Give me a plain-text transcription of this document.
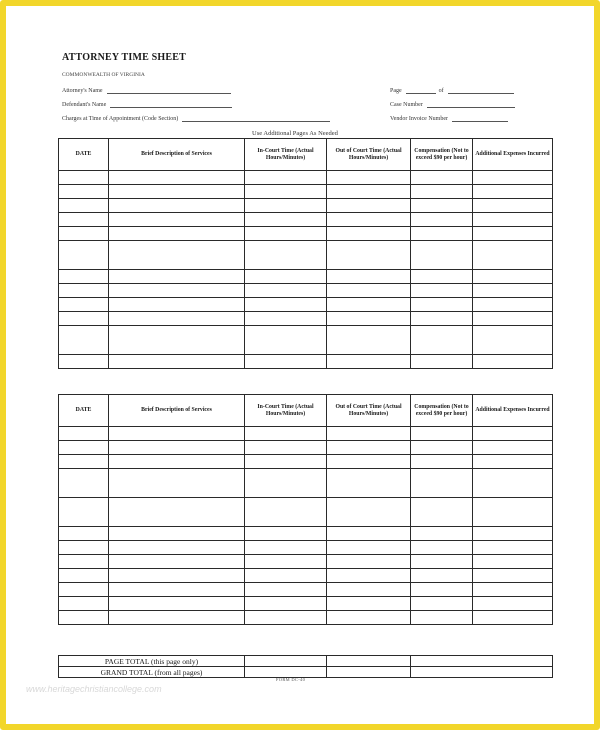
ATTORNEY TIME SHEET
COMMONWEALTH OF VIRGINIA
Attorney's Name
Defendant's Name
Charges at Time of Appointment (Code Section)
Page	of
Case Number
Vendor Invoice Number
Use Additional Pages As Needed
DATE	Brief Description of Services	In-Court Time (Actual Hours/Minutes)	Out of Court Time (Actual Hours/Minutes)	Compensation (Not to exceed $90 per hour)	Additional Expenses Incurred

DATE	Brief Description of Services	In-Court Time (Actual Hours/Minutes)	Out of Court Time (Actual Hours/Minutes)	Compensation (Not to exceed $90 per hour)	Additional Expenses Incurred

PAGE TOTAL (this page only)			
GRAND TOTAL (from all pages)			
FORM DC-40
www.heritagechristiancollege.com
